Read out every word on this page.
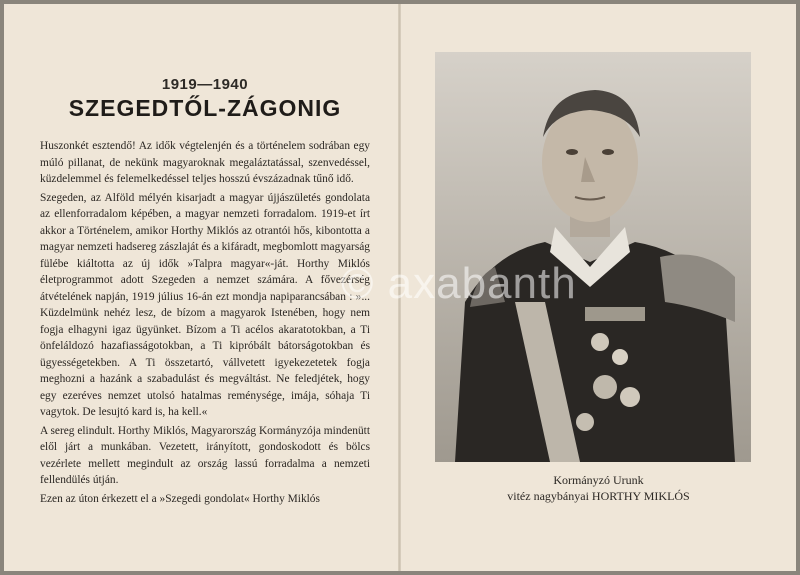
1919—1940
SZEGEDTŐL-ZÁGONIG

Huszonkét esztendő! Az idők végtelenjén és a történelem sodrában egy múló pillanat, de nekünk magyaroknak megaláztatással, szenvedéssel, küzdelemmel és felemelkedéssel teljes hosszú évszázadnak tűnő idő.

Szegeden, az Alföld mélyén kisarjadt a magyar újjászületés gondolata az ellenforradalom képében, a magyar nemzeti forradalom. 1919-et írt akkor a Történelem, amikor Horthy Miklós az otrantói hős, kibontotta a magyar nemzeti hadsereg zászlaját és a kifáradt, megbomlott magyarság fülébe kiáltotta az új idők »Talpra magyar«-ját. Horthy Miklós életprogrammot adott Szegeden a nemzet számára. A fővezérség átvételének napján, 1919 július 16-án ezt mondja napiparancsában : »... Küzdelmünk nehéz lesz, de bízom a magyarok Istenében, hogy nem fogja elhagyni igaz ügyünket. Bízom a Ti acélos akaratotokban, a Ti önfeláldozó hazafiasságotokban, a Ti kipróbált bátorságotokban és ügyességetekben. A Ti összetartó, vállvetett igyekezetetek fogja meghozni a hazánk a szabadulást és megváltást. Ne feledjétek, hogy egy ezeréves nemzet utolsó hatalmas reménysége, imája, sóhaja Ti vagytok. De lesujtó kard is, ha kell.«

A sereg elindult. Horthy Miklós, Magyarország Kormányzója mindenütt elől járt a munkában. Vezetett, irányított, gondoskodott és bölcs vezérlete mellett megindult az ország lassú forradalma a nemzeti fellendülés útján.

Ezen az úton érkezett el a »Szegedi gondolat« Horthy Miklós

© axabanth
Kormányzó Urunk
vitéz nagybányai HORTHY MIKLÓS
